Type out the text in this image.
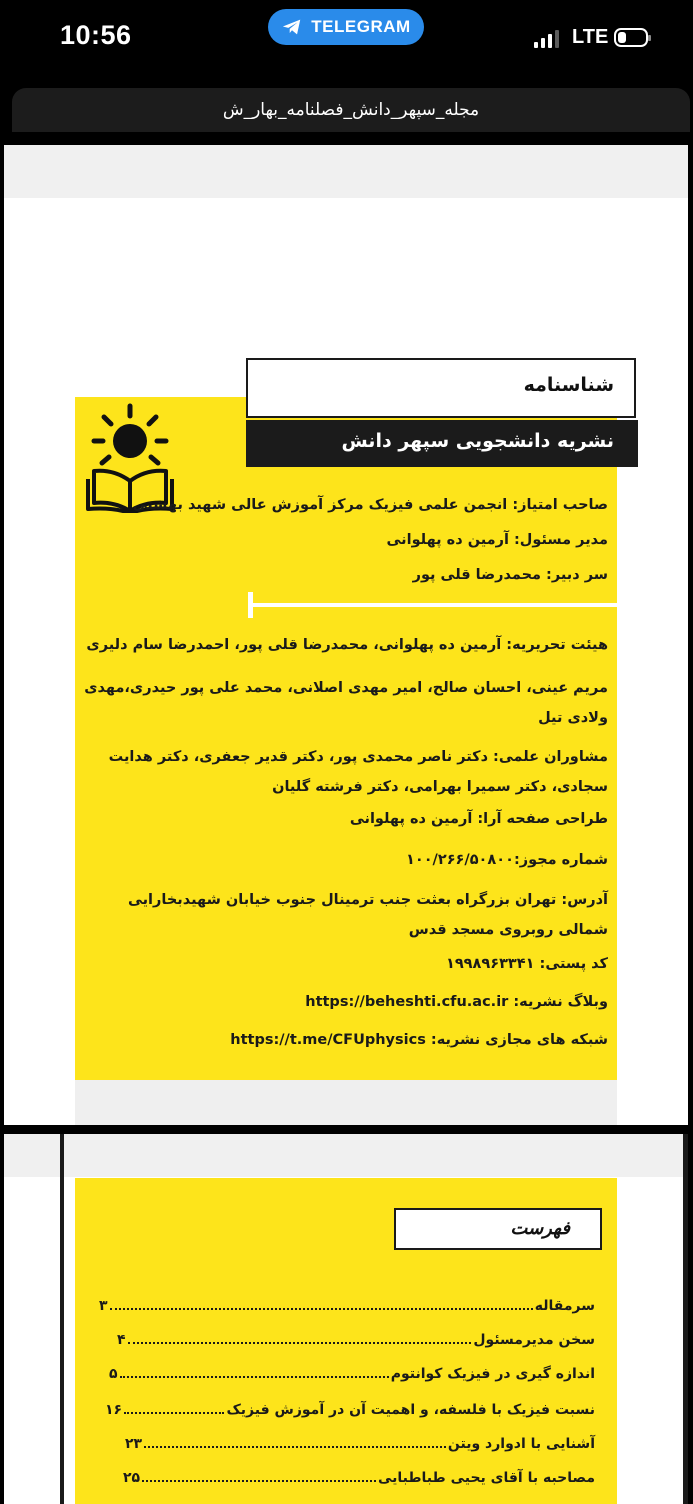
10:56	TELEGRAM	LTE
مجله_سپهر_دانش_فصلنامه_بهار_ش
شناسنامه
نشریه دانشجویی سپهر دانش
صاحب امتیاز: انجمن علمی فیزیک مرکز آموزش عالی شهید بهشتی
مدیر مسئول: آرمین ده پهلوانی
سر دبیر: محمدرضا قلی پور
هیئت تحریریه: آرمین ده پهلوانی، محمدرضا قلی پور، احمدرضا سام دلیری
مریم عینی، احسان صالح، امیر مهدی اصلانی، محمد علی پور حیدری،مهدی ولادی تیل
مشاوران علمی: دکتر ناصر محمدی پور، دکتر قدیر جعفری، دکتر هدایت سجادی، دکتر سمیرا بهرامی، دکتر فرشته گلیان
طراحی صفحه آرا: آرمین ده پهلوانی
شماره مجوز:۱۰۰/۲۶۶/۵۰۸۰۰
آدرس: تهران بزرگراه بعثت جنب ترمینال جنوب خیابان شهیدبخارایی شمالی روبروی مسجد قدس
کد پستی: ۱۹۹۸۹۶۳۳۴۱
وبلاگ نشریه: https://beheshti.cfu.ac.ir
شبکه های مجازی نشریه: https://t.me/CFUphysics
فهرست
سرمقاله
۳
سخن مدیرمسئول
۴
اندازه گیری در فیزیک کوانتوم
۵
نسبت فیزیک با فلسفه، و اهمیت آن در آموزش فیزیک
۱۶
آشنایی با ادوارد ویتن
۲۳
مصاحبه با آقای یحیی طباطبایی
۲۵
